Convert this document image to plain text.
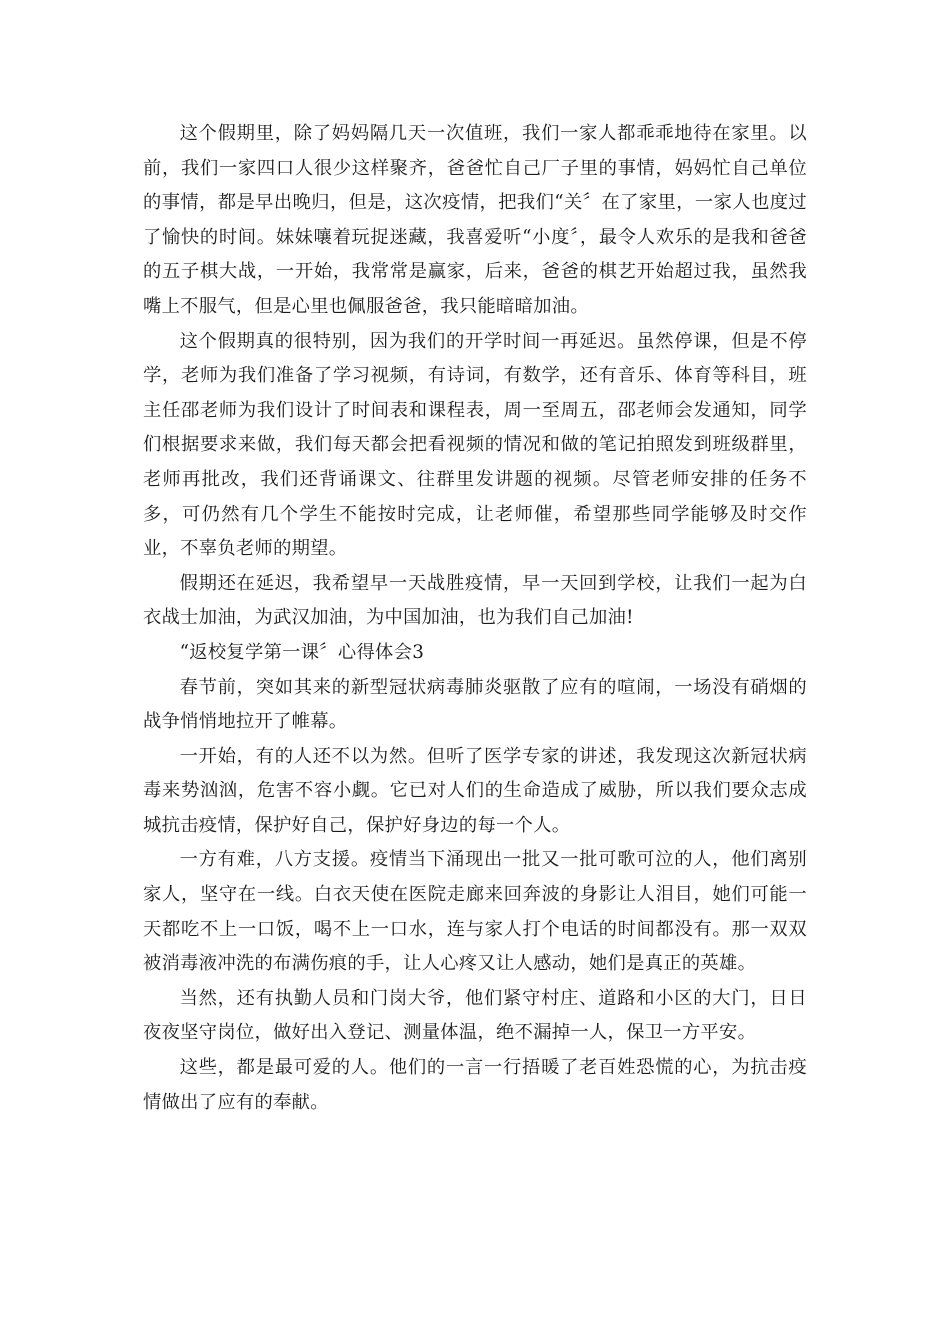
这个假期里，除了妈妈隔几天一次值班，我们一家人都乖乖地待在家里。以前，我们一家四口人很少这样聚齐，爸爸忙自己厂子里的事情，妈妈忙自己单位的事情，都是早出晚归，但是，这次疫情，把我们“关〞在了家里，一家人也度过了愉快的时间。妹妹嚷着玩捉迷藏，我喜爱听“小度〞，最令人欢乐的是我和爸爸的五子棋大战，一开始，我常常是赢家，后来，爸爸的棋艺开始超过我，虽然我嘴上不服气，但是心里也佩服爸爸，我只能暗暗加油。

这个假期真的很特别，因为我们的开学时间一再延迟。虽然停课，但是不停学，老师为我们准备了学习视频，有诗词，有数学，还有音乐、体育等科目，班主任邵老师为我们设计了时间表和课程表，周一至周五，邵老师会发通知，同学们根据要求来做，我们每天都会把看视频的情况和做的笔记拍照发到班级群里，老师再批改，我们还背诵课文、往群里发讲题的视频。尽管老师安排的任务不多，可仍然有几个学生不能按时完成，让老师催，希望那些同学能够及时交作业，不辜负老师的期望。

假期还在延迟，我希望早一天战胜疫情，早一天回到学校，让我们一起为白衣战士加油，为武汉加油，为中国加油，也为我们自己加油!

“返校复学第一课〞心得体会3

春节前，突如其来的新型冠状病毒肺炎驱散了应有的喧闹，一场没有硝烟的战争悄悄地拉开了帷幕。

一开始，有的人还不以为然。但听了医学专家的讲述，我发现这次新冠状病毒来势汹汹，危害不容小觑。它已对人们的生命造成了威胁，所以我们要众志成城抗击疫情，保护好自己，保护好身边的每一个人。

一方有难，八方支援。疫情当下涌现出一批又一批可歌可泣的人，他们离别家人，坚守在一线。白衣天使在医院走廊来回奔波的身影让人泪目，她们可能一天都吃不上一口饭，喝不上一口水，连与家人打个电话的时间都没有。那一双双被消毒液冲洗的布满伤痕的手，让人心疼又让人感动，她们是真正的英雄。

当然，还有执勤人员和门岗大爷，他们紧守村庄、道路和小区的大门，日日夜夜坚守岗位，做好出入登记、测量体温，绝不漏掉一人，保卫一方平安。

这些，都是最可爱的人。他们的一言一行捂暖了老百姓恐慌的心，为抗击疫情做出了应有的奉献。
